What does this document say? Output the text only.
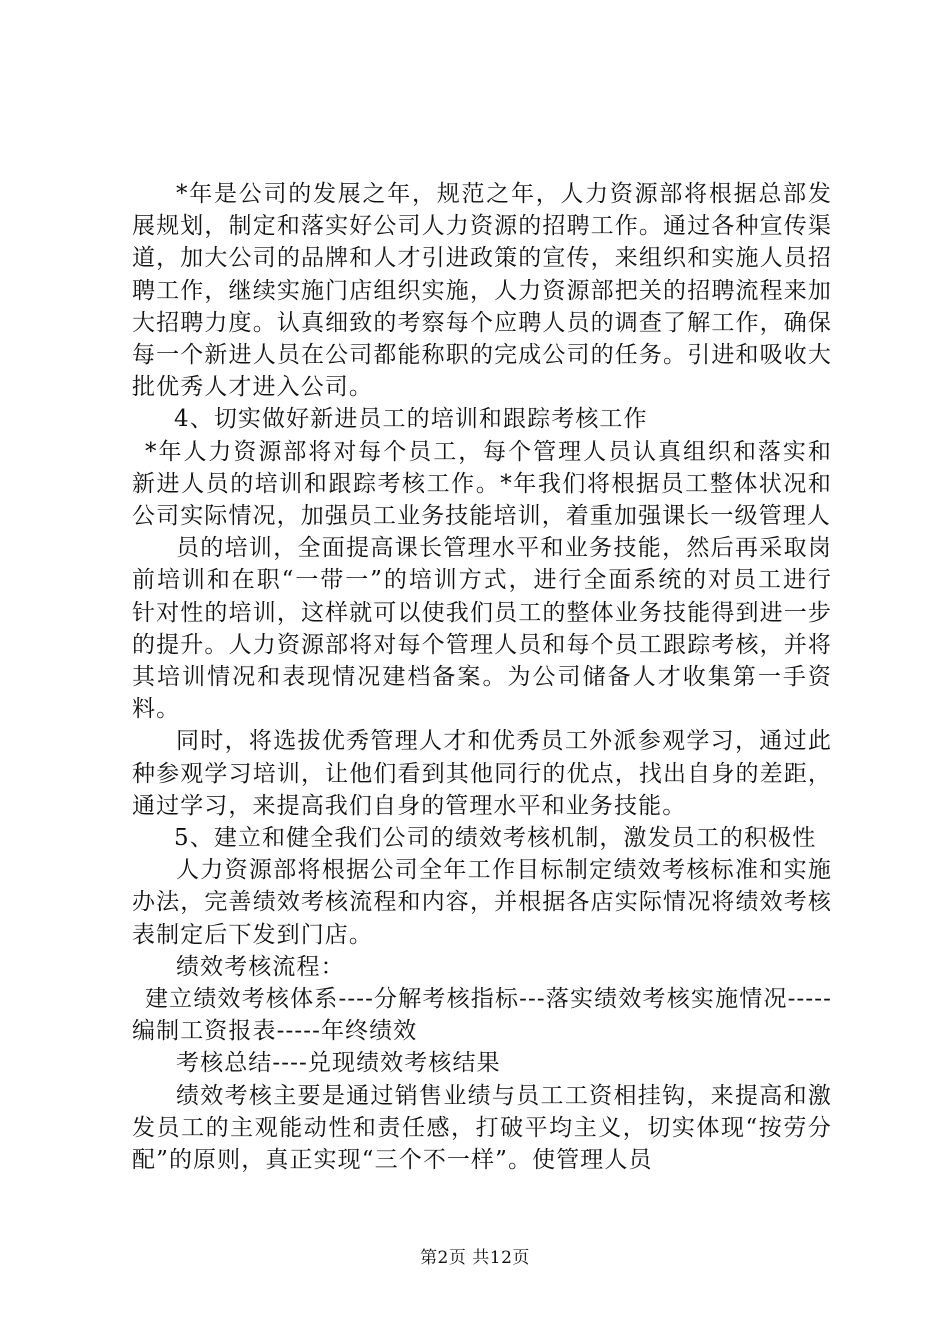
*年是公司的发展之年，规范之年，人力资源部将根据总部发展规划，制定和落实好公司人力资源的招聘工作。通过各种宣传渠道，加大公司的品牌和人才引进政策的宣传，来组织和实施人员招聘工作，继续实施门店组织实施，人力资源部把关的招聘流程来加大招聘力度。认真细致的考察每个应聘人员的调查了解工作，确保每一个新进人员在公司都能称职的完成公司的任务。引进和吸收大批优秀人才进入公司。

4、切实做好新进员工的培训和跟踪考核工作

*年人力资源部将对每个员工，每个管理人员认真组织和落实和新进人员的培训和跟踪考核工作。*年我们将根据员工整体状况和公司实际情况，加强员工业务技能培训，着重加强课长一级管理人

员的培训，全面提高课长管理水平和业务技能，然后再采取岗前培训和在职“一带一”的培训方式，进行全面系统的对员工进行针对性的培训，这样就可以使我们员工的整体业务技能得到进一步的提升。人力资源部将对每个管理人员和每个员工跟踪考核，并将其培训情况和表现情况建档备案。为公司储备人才收集第一手资料。

同时，将选拔优秀管理人才和优秀员工外派参观学习，通过此种参观学习培训，让他们看到其他同行的优点，找出自身的差距，通过学习，来提高我们自身的管理水平和业务技能。

5、建立和健全我们公司的绩效考核机制，激发员工的积极性

人力资源部将根据公司全年工作目标制定绩效考核标准和实施办法，完善绩效考核流程和内容，并根据各店实际情况将绩效考核表制定后下发到门店。

绩效考核流程：

建立绩效考核体系----分解考核指标---落实绩效考核实施情况-----编制工资报表-----年终绩效

考核总结----兑现绩效考核结果

绩效考核主要是通过销售业绩与员工工资相挂钩，来提高和激发员工的主观能动性和责任感，打破平均主义，切实体现“按劳分配”的原则，真正实现“三个不一样”。使管理人员

第2页 共12页
